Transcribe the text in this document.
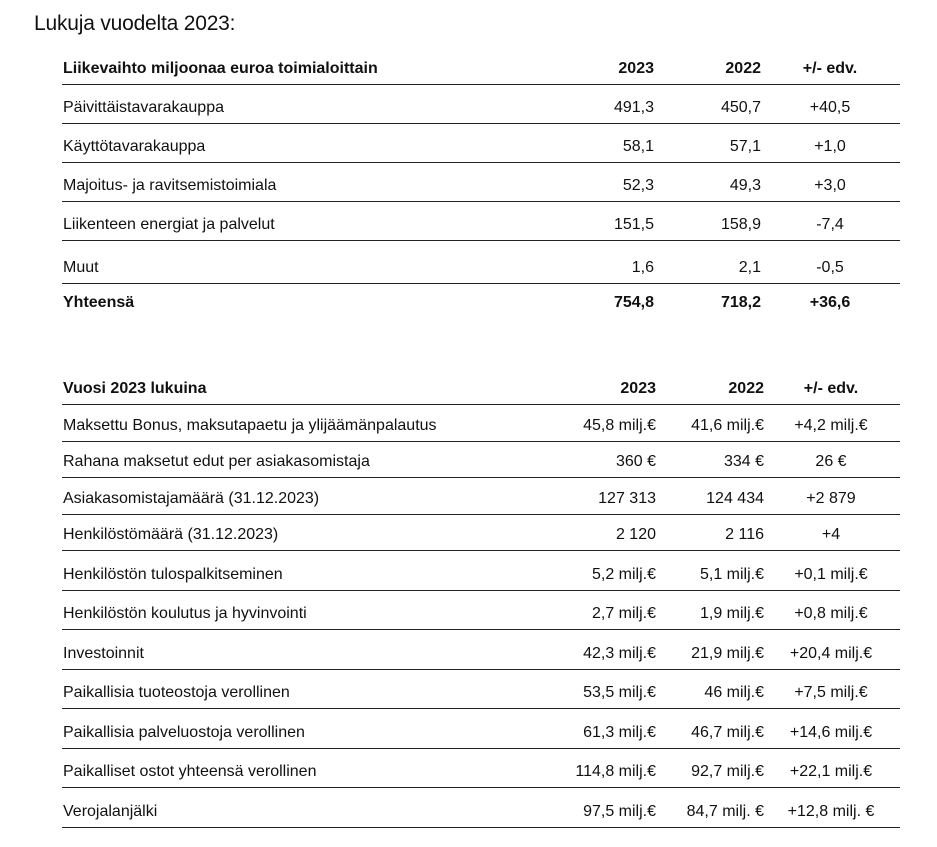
Lukuja vuodelta 2023:
Liikevaihto miljoonaa euroa toimialoittain	2023	2022	+/- edv.
Päivittäistavarakauppa	491,3	450,7	+40,5
Käyttötavarakauppa	58,1	57,1	+1,0
Majoitus- ja ravitsemistoimiala	52,3	49,3	+3,0
Liikenteen energiat ja palvelut	151,5	158,9	-7,4
Muut	1,6	2,1	-0,5
Yhteensä	754,8	718,2	+36,6
Vuosi 2023 lukuina	2023	2022 +/- edv.
Maksettu Bonus, maksutapaetu ja ylijäämänpalautus	45,8 milj.€ 41,6 milj.€ +4,2 milj.€
Rahana maksetut edut per asiakasomistaja	360 €	334 €	26 €
Asiakasomistajamäärä (31.12.2023)	127 313	124 434	+2 879
Henkilöstömäärä (31.12.2023)	2 120	2 116	+4
Henkilöstön tulospalkitseminen	5,2 milj.€	5,1 milj.€ +0,1 milj.€
Henkilöstön koulutus ja hyvinvointi	2,7 milj.€	1,9 milj.€ +0,8 milj.€
Investoinnit	42,3 milj.€ 21,9 milj.€ +20,4 milj.€
Paikallisia tuoteostoja verollinen	53,5 milj.€	46 milj.€ +7,5 milj.€
Paikallisia palveluostoja verollinen	61,3 milj.€ 46,7 milj.€ +14,6 milj.€
Paikalliset ostot yhteensä verollinen	114,8 milj.€ 92,7 milj.€ +22,1 milj.€
Verojalanjälki	97,5 milj.€ 84,7 milj. € +12,8 milj. €
